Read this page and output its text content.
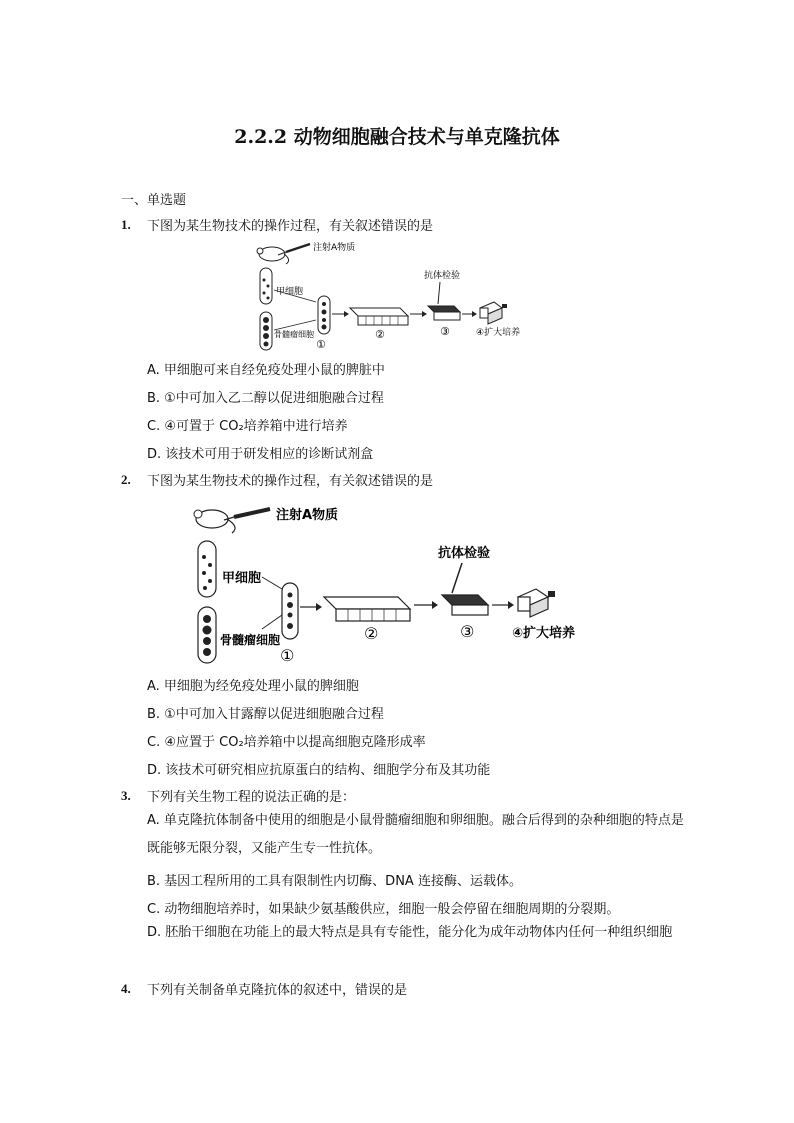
2.2.2 动物细胞融合技术与单克隆抗体
一、单选题
1. 下图为某生物技术的操作过程，有关叙述错误的是
注射A物质
甲细胞
骨髓瘤细胞
①
②
抗体检验
③	④扩大培养
A. 甲细胞可来自经免疫处理小鼠的脾脏中
B. ①中可加入乙二醇以促进细胞融合过程
C. ④可置于 CO₂培养箱中进行培养
D. 该技术可用于研发相应的诊断试剂盒
2. 下图为某生物技术的操作过程，有关叙述错误的是
注射A物质
甲细胞
骨髓瘤细胞
①
②
抗体检验
③	④扩大培养
A. 甲细胞为经免疫处理小鼠的脾细胞
B. ①中可加入甘露醇以促进细胞融合过程
C. ④应置于 CO₂培养箱中以提高细胞克隆形成率
D. 该技术可研究相应抗原蛋白的结构、细胞学分布及其功能
3. 下列有关生物工程的说法正确的是：
A. 单克隆抗体制备中使用的细胞是小鼠骨髓瘤细胞和卵细胞。融合后得到的杂种细胞的特点是既能够无限分裂，又能产生专一性抗体。
B. 基因工程所用的工具有限制性内切酶、DNA 连接酶、运载体。
C. 动物细胞培养时，如果缺少氨基酸供应，细胞一般会停留在细胞周期的分裂期。
D. 胚胎干细胞在功能上的最大特点是具有专能性，能分化为成年动物体内任何一种组织细胞
4. 下列有关制备单克隆抗体的叙述中，错误的是
